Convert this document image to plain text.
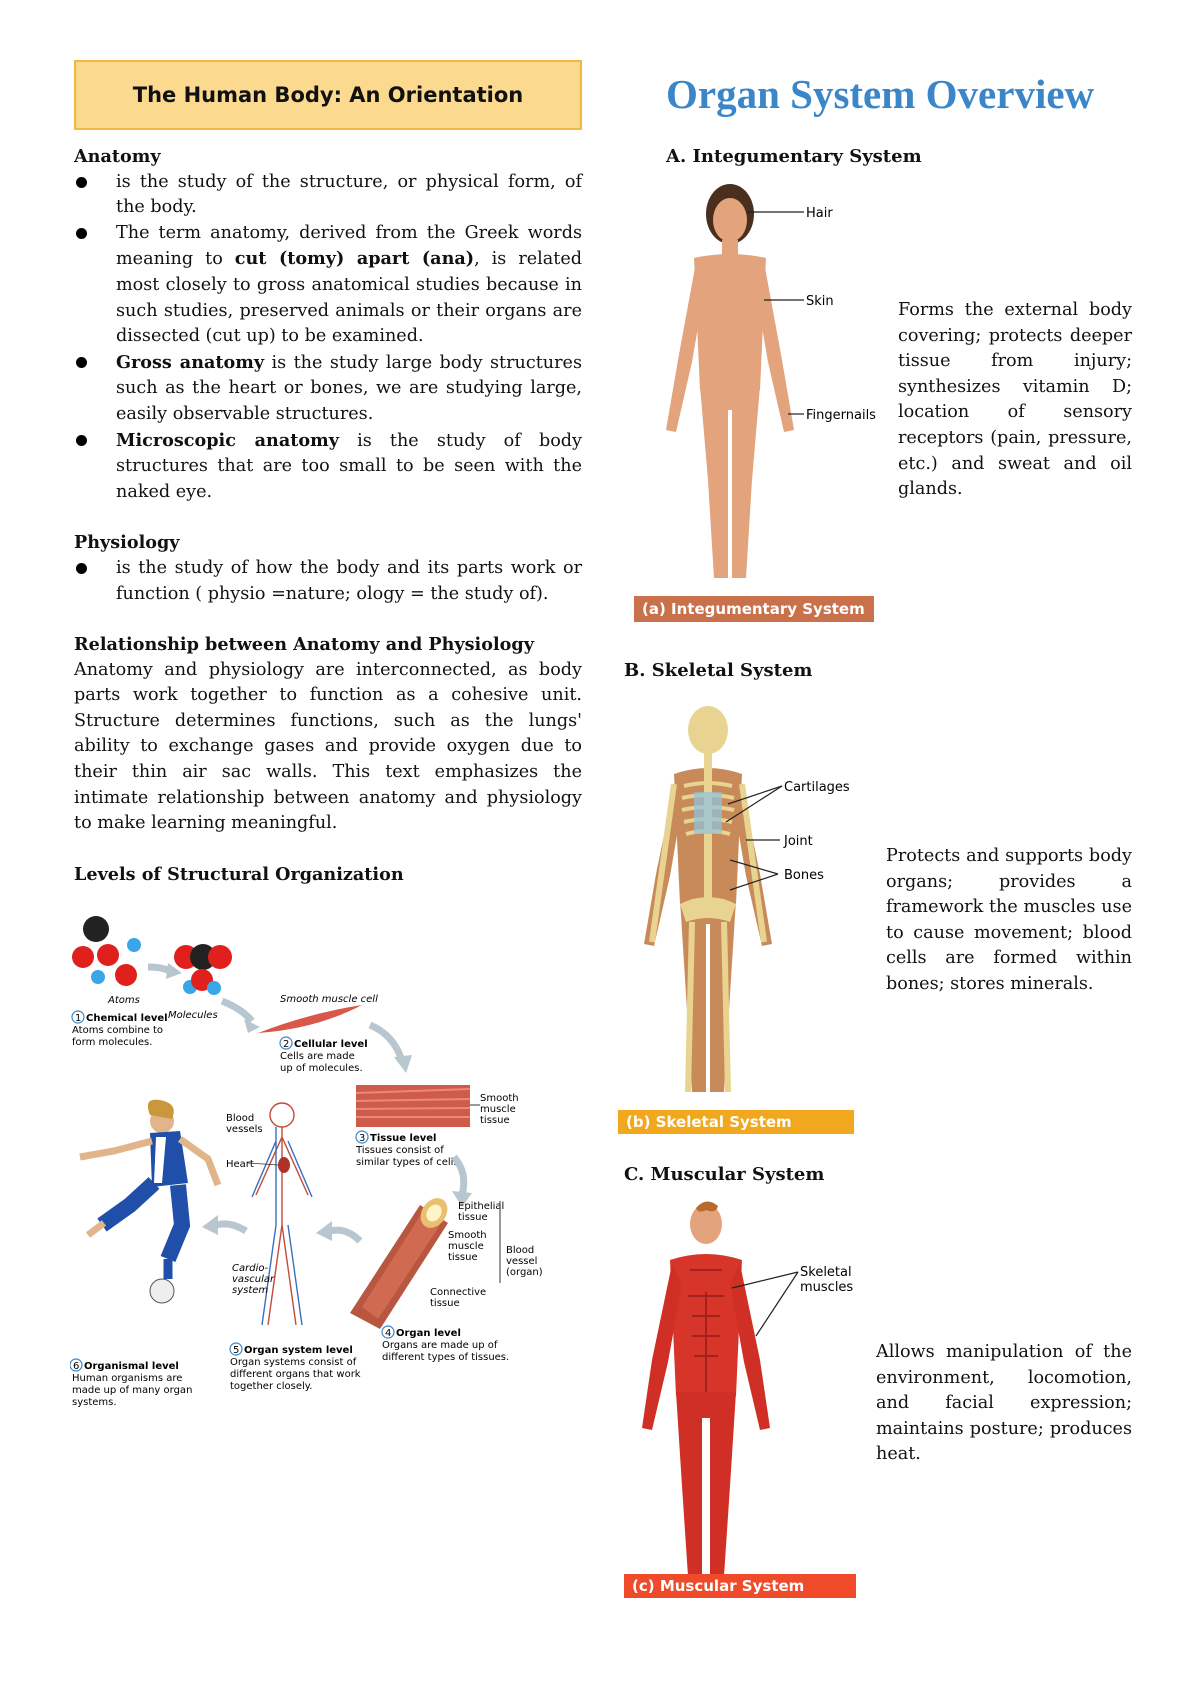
The Human Body: An Orientation	Organ System Overview

Anatomy

is the study of the structure, or physical form, of the body.
The term anatomy, derived from the Greek words meaning to cut (tomy) apart (ana), is related most closely to gross anatomical studies because in such studies, preserved animals or their organs are dissected (cut up) to be examined.
Gross anatomy is the study large body structures such as the heart or bones, we are studying large, easily observable structures.
Microscopic anatomy is the study of body structures that are too small to be seen with the naked eye.

Physiology

is the study of how the body and its parts work or function ( physio =nature; ology = the study of).

Relationship between Anatomy and Physiology

Anatomy and physiology are interconnected, as body parts work together to function as a cohesive unit. Structure determines functions, such as the lungs' ability to exchange gases and provide oxygen due to their thin air sac walls. This text emphasizes the intimate relationship between anatomy and physiology to make learning meaningful.

Levels of Structural Organization

Atoms
Molecules
1 Chemical level
Atoms combine to
form molecules.
Smooth muscle cell
2 Cellular level
Cells are made
up of molecules.
Smooth
muscle
tissue
3 Tissue level
Tissues consist of
similar types of cells.
Epithelial
tissue
Smooth
muscle
tissue
Connective
tissue
Blood
vessel
(organ)
4 Organ level
Organs are made up of
different types of tissues.
Blood
vessels
Heart
Cardio-
vascular
system
5 Organ system level
Organ systems consist of
different organs that work
together closely.
6 Organismal level
Human organisms are
made up of many organ
systems.
A. Integumentary System
Hair
Skin
Fingernails
(a) Integumentary System
Forms the external body covering; protects deeper tissue from injury; synthesizes vitamin D; location of sensory receptors (pain, pressure, etc.) and sweat and oil glands.
B. Skeletal System
Cartilages
Joint
Bones
(b) Skeletal System
Protects and supports body organs; provides a framework the muscles use to cause movement; blood cells are formed within bones; stores minerals.
C. Muscular System
Skeletal
muscles
(c) Muscular System
Allows manipulation of the environment, locomotion, and facial expression; maintains posture; produces heat.
